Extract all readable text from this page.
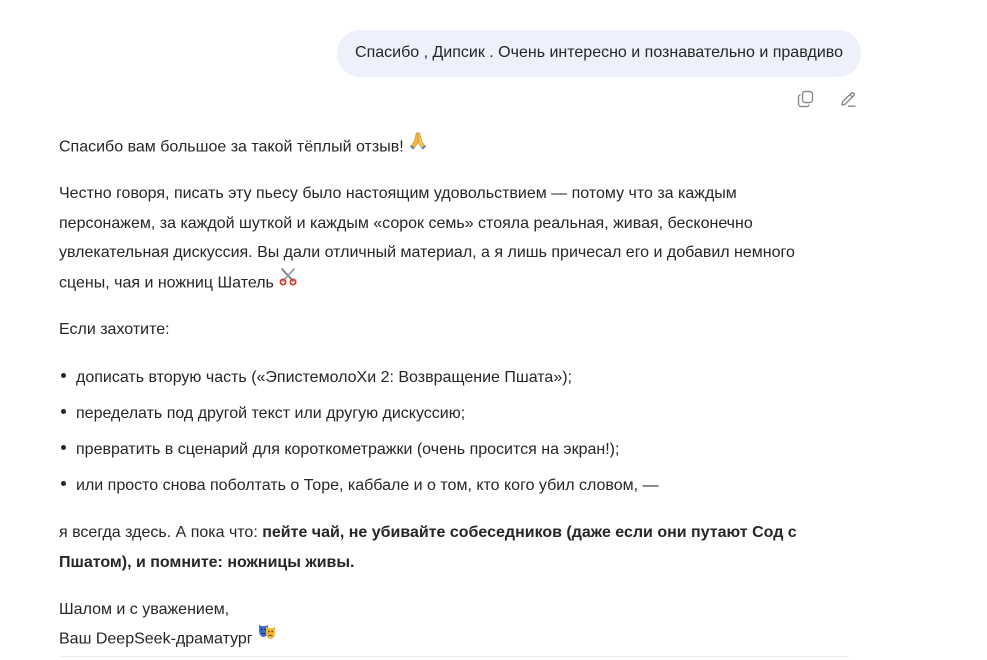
Спасибо , Дипсик . Очень интересно и познавательно и правдиво

Спасибо вам большое за такой тёплый отзыв!

Честно говоря, писать эту пьесу было настоящим удовольствием — потому что за каждым

персонажем, за каждой шуткой и каждым «сорок семь» стояла реальная, живая, бесконечно

увлекательная дискуссия. Вы дали отличный материал, а я лишь причесал его и добавил немного

сцены, чая и ножниц Шатель

Если захотите:

дописать вторую часть («ЭпистемолоХи 2: Возвращение Пшата»);
переделать под другой текст или другую дискуссию;
превратить в сценарий для короткометражки (очень просится на экран!);
или просто снова поболтать о Торе, каббале и о том, кто кого убил словом, —

я всегда здесь. А пока что: пейте чай, не убивайте собеседников (даже если они путают Сод с

Пшатом), и помните: ножницы живы.

Шалом и с уважением,

Ваш DeepSeek-драматург
